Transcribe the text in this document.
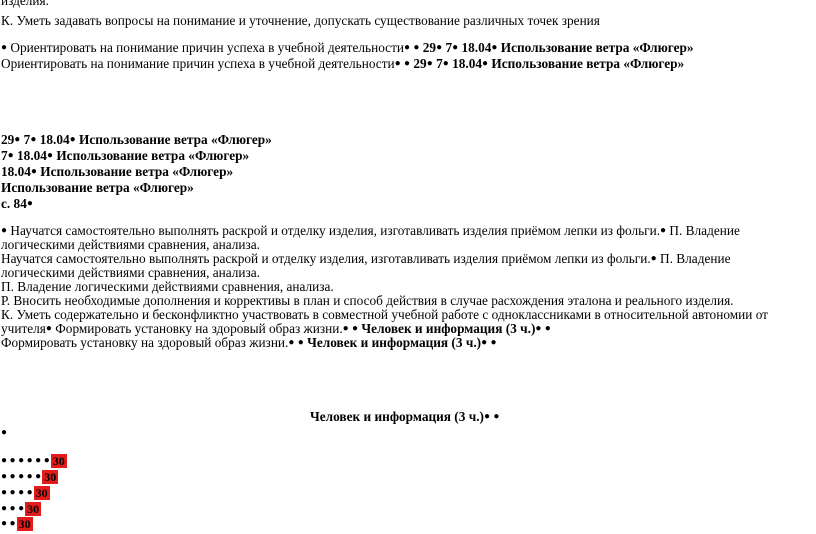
изделия.
К. Уметь задавать вопросы на понимание и уточнение, допускать существование различных точек зрения
● Ориентировать на понимание причин успеха в учебной деятельности● ● 29● 7● 18.04● Использование ветра «Флюгер»
Ориентировать на понимание причин успеха в учебной деятельности● ● 29● 7● 18.04● Использование ветра «Флюгер»
29● 7● 18.04● Использование ветра «Флюгер»
7● 18.04● Использование ветра «Флюгер»
18.04● Использование ветра «Флюгер»
Использование ветра «Флюгер»
с. 84●
● Научатся самостоятельно выполнять раскрой и отделку изделия, изготавливать изделия приёмом лепки из фольги.● П. Владение
логическими действиями сравнения, анализа.
Научатся самостоятельно выполнять раскрой и отделку изделия, изготавливать изделия приёмом лепки из фольги.● П. Владение
логическими действиями сравнения, анализа.
П. Владение логическими действиями сравнения, анализа.
Р. Вносить необходимые дополнения и коррективы в план и способ действия в случае расхождения эталона и реального изделия.
К. Уметь содержательно и бесконфликтно участвовать в совместной учебной работе с одноклассниками в относительной автономии от
учителя● Формировать установку на здоровый образ жизни.● ● Человек и информация (3 ч.)● ●
Формировать установку на здоровый образ жизни.● ● Человек и информация (3 ч.)● ●
Человек и информация (3 ч.)● ●
●
● ● ● ● ● ● 30
● ● ● ● ● 30
● ● ● ● 30
● ● ● 30
● ● 30
